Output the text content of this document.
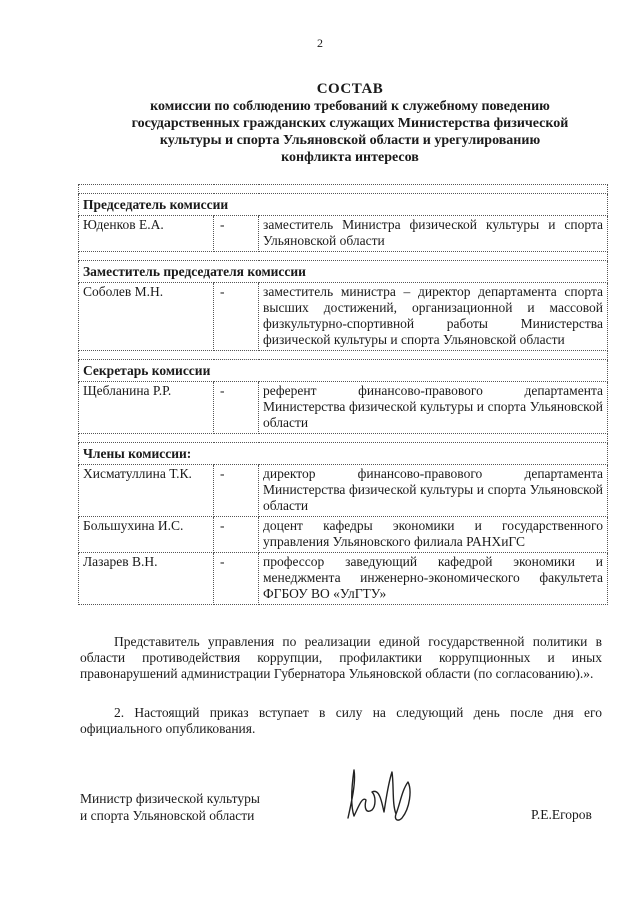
2
СОСТАВ
комиссии по соблюдению требований к служебному поведению
государственных гражданских служащих Министерства физической
культуры и спорта Ульяновской области и урегулированию
конфликта интересов

Председатель комиссии		
Юденков Е.А.	-	заместитель Министра физической культуры и спорта Ульяновской области

Заместитель председателя комиссии		
Соболев М.Н.	-	заместитель министра – директор департамента спорта высших достижений, организационной и массовой физкультурно-спортивной работы Министерства физической культуры и спорта Ульяновской области

Секретарь комиссии		
Щебланина Р.Р.	-	референт финансово-правового департамента Министерства физической культуры и спорта Ульяновской области

Члены комиссии:		
Хисматуллина Т.К.	-	директор финансово-правового департамента Министерства физической культуры и спорта Ульяновской области
Большухина И.С.	-	доцент кафедры экономики и государственного управления Ульяновского филиала РАНХиГС
Лазарев В.Н.	-	профессор заведующий кафедрой экономики и менеджмента инженерно-экономического факультета ФГБОУ ВО «УлГТУ»
Представитель управления по реализации единой государственной политики в области противодействия коррупции, профилактики коррупционных и иных правонарушений администрации Губернатора Ульяновской области (по согласованию).».
2. Настоящий приказ вступает в силу на следующий день после дня его официального опубликования.
Министр физической культуры
и спорта Ульяновской области	Р.Е.Егоров
